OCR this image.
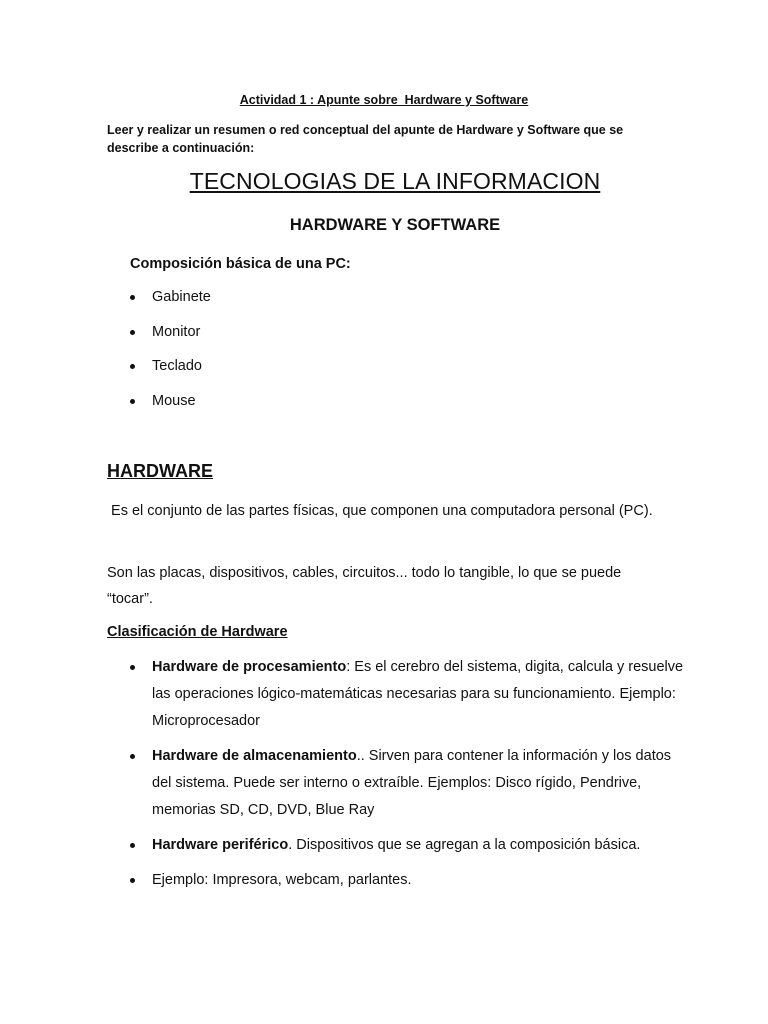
Actividad 1 : Apunte sobre  Hardware y Software
Leer y realizar un resumen o red conceptual del apunte de Hardware y Software que se describe a continuación:
TECNOLOGIAS DE LA INFORMACION
HARDWARE Y SOFTWARE
Composición básica de una PC:
Gabinete
Monitor
Teclado
Mouse
HARDWARE
Es el conjunto de las partes físicas, que componen una computadora personal (PC).
Son las placas, dispositivos, cables, circuitos... todo lo tangible, lo que se puede “tocar”.
Clasificación de Hardware
Hardware de procesamiento: Es el cerebro del sistema, digita, calcula y resuelve las operaciones lógico-matemáticas necesarias para su funcionamiento. Ejemplo: Microprocesador
Hardware de almacenamiento.. Sirven para contener la información y los datos del sistema. Puede ser interno o extraíble. Ejemplos: Disco rígido, Pendrive, memorias SD, CD, DVD, Blue Ray
Hardware periférico. Dispositivos que se agregan a la composición básica.
Ejemplo: Impresora, webcam, parlantes.
